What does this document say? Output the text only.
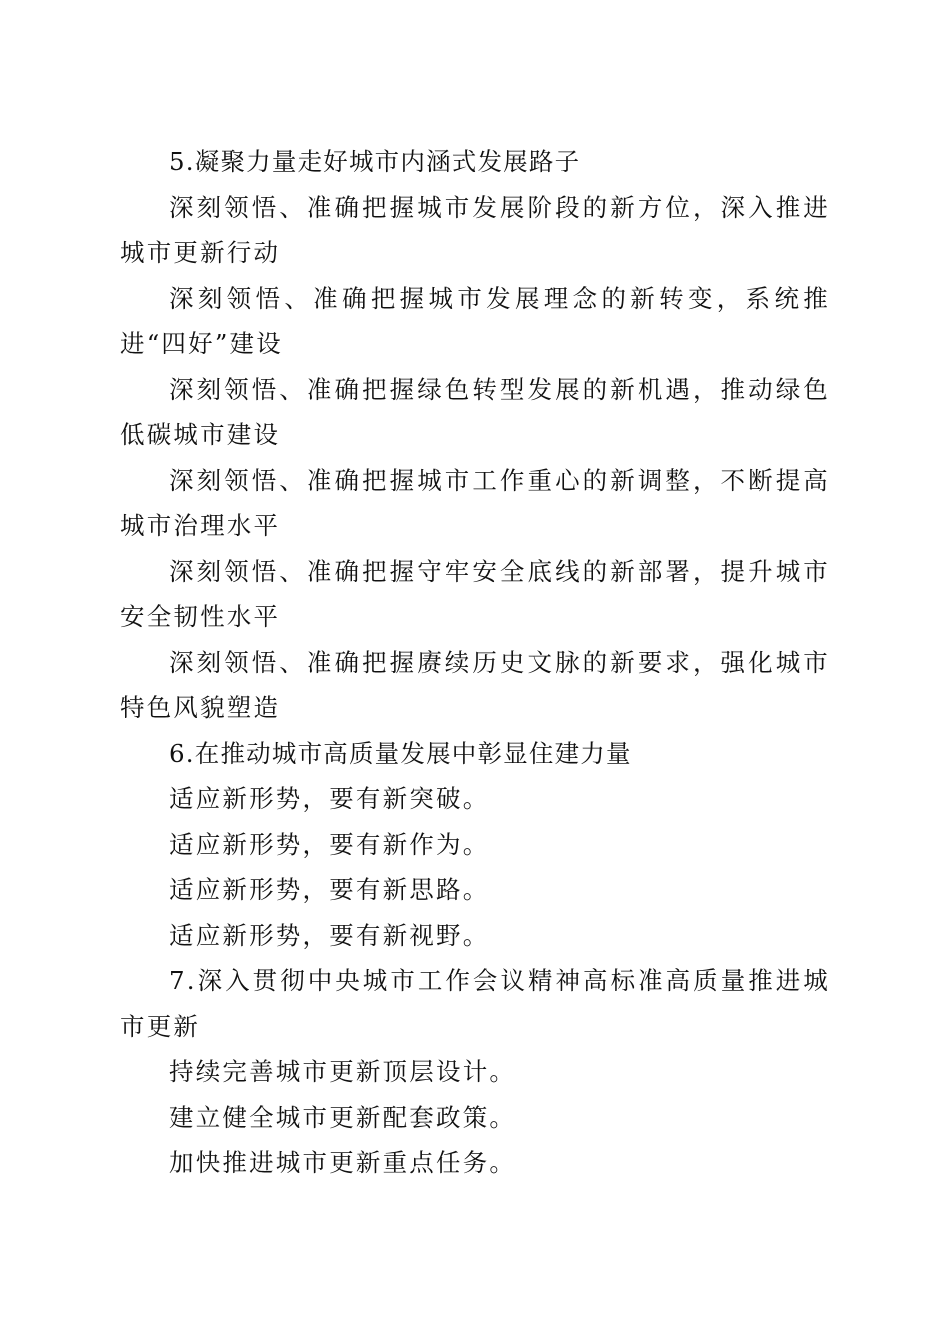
5.凝聚力量走好城市内涵式发展路子

深刻领悟、准确把握城市发展阶段的新方位，深入推进城市更新行动

深刻领悟、准确把握城市发展理念的新转变，系统推进“四好”建设

深刻领悟、准确把握绿色转型发展的新机遇，推动绿色低碳城市建设

深刻领悟、准确把握城市工作重心的新调整，不断提高城市治理水平

深刻领悟、准确把握守牢安全底线的新部署，提升城市安全韧性水平

深刻领悟、准确把握赓续历史文脉的新要求，强化城市特色风貌塑造

6.在推动城市高质量发展中彰显住建力量

适应新形势，要有新突破。

适应新形势，要有新作为。

适应新形势，要有新思路。

适应新形势，要有新视野。

7.深入贯彻中央城市工作会议精神高标准高质量推进城市更新

持续完善城市更新顶层设计。

建立健全城市更新配套政策。

加快推进城市更新重点任务。
